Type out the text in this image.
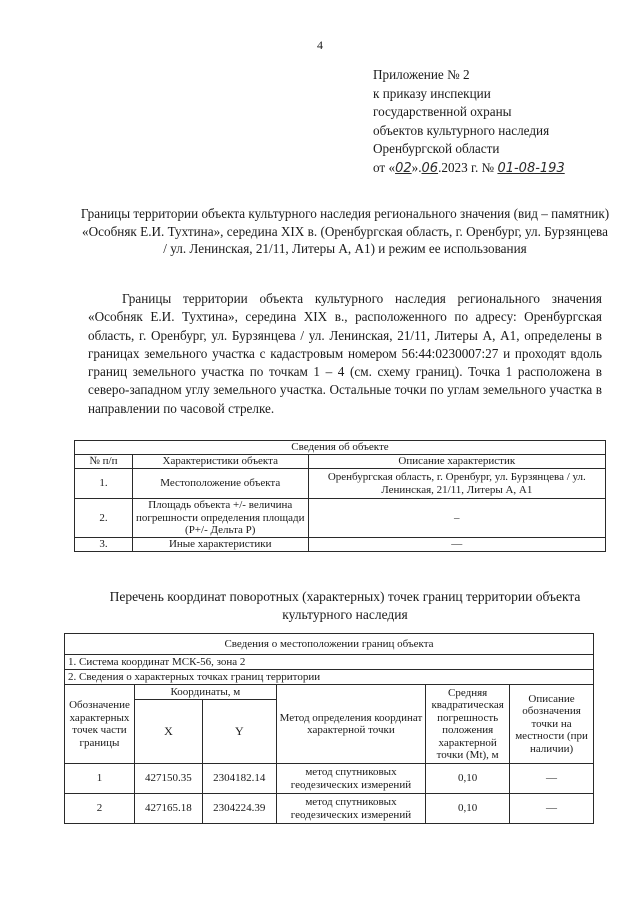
4
Приложение № 2
к приказу инспекции
государственной охраны
объектов культурного наследия
Оренбургской области
от «02».06.2023 г. № 01-08-193
Границы территории объекта культурного наследия регионального значения (вид – памятник) «Особняк Е.И. Тухтина», середина XIX в. (Оренбургская область, г. Оренбург, ул. Бурзянцева / ул. Ленинская, 21/11, Литеры А, А1) и режим ее использования
Границы территории объекта культурного наследия регионального значения «Особняк Е.И. Тухтина», середина XIX в., расположенного по адресу: Оренбургская область, г. Оренбург, ул. Бурзянцева / ул. Ленинская, 21/11, Литеры А, А1, определены в границах земельного участка с кадастровым номером 56:44:0230007:27 и проходят вдоль границ земельного участка по точкам 1 – 4 (см. схему границ). Точка 1 расположена в северо-западном углу земельного участка. Остальные точки по углам земельного участка в направлении по часовой стрелке.
Сведения об объекте		
№ п/п	Характеристики объекта	Описание характеристик
1.	Местоположение объекта	Оренбургская область, г. Оренбург, ул. Бурзянцева / ул. Ленинская, 21/11, Литеры А, А1
2.	Площадь объекта +/- величина погрешности определения площади (Р+/- Дельта Р)	–
3.	Иные характеристики	—
Перечень координат поворотных (характерных) точек границ территории объекта культурного наследия
Сведения о местоположении границ объекта					
1. Система координат МСК-56, зона 2					
2. Сведения о характерных точках границ территории					
Обозначение характерных точек части границы	Координаты, м		Метод определения координат характерной точки	Средняя квадратическая погрешность положения характерной точки (Mt), м	Описание обозначения точки на местности (при наличии)
	X	Y			
1	427150.35	2304182.14	метод спутниковых геодезических измерений	0,10	—
2	427165.18	2304224.39	метод спутниковых геодезических измерений	0,10	—
